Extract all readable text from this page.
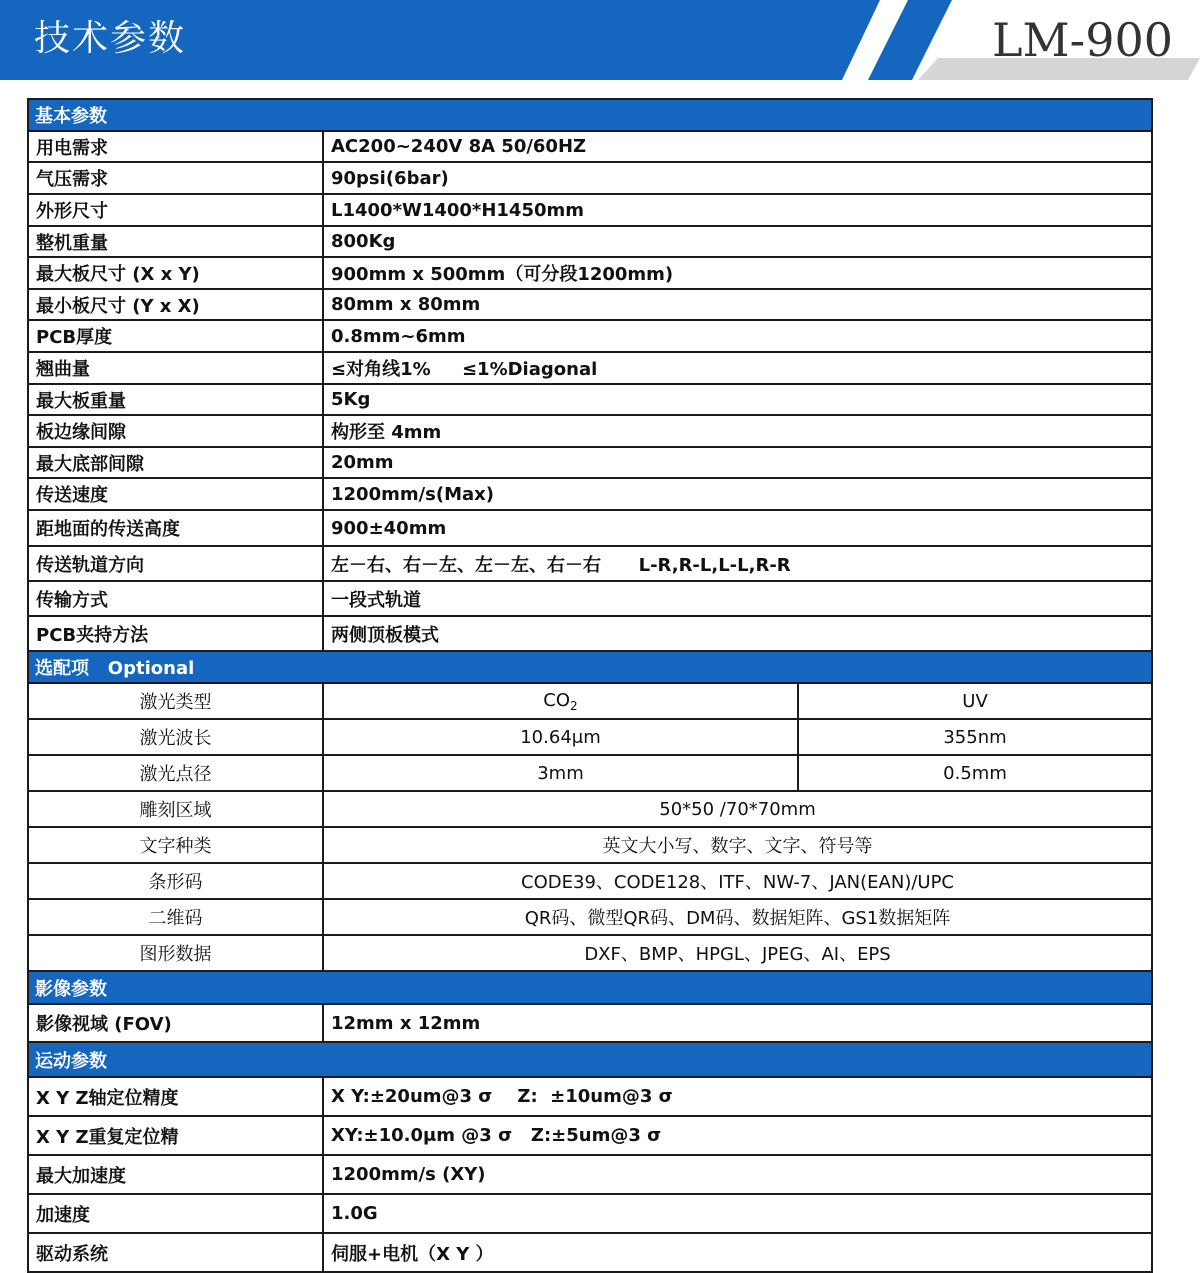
技术参数	LM-900
基本参数		
用电需求	AC200~240V 8A 50/60HZ	
气压需求	90psi(6bar)	
外形尺寸	L1400*W1400*H1450mm	
整机重量	800Kg	
最大板尺寸 (X x Y)	900mm x 500mm（可分段1200mm)	
最小板尺寸 (Y x X)	80mm x 80mm	
PCB厚度	0.8mm~6mm	
翘曲量	≤对角线1%     ≤1%Diagonal	
最大板重量	5Kg	
板边缘间隙	构形至 4mm	
最大底部间隙	20mm	
传送速度	1200mm/s(Max)	
距地面的传送高度	900±40mm	
传送轨道方向	左－右、右－左、左－左、右－右      L-R,R-L,L-L,R-R	
传输方式	一段式轨道	
PCB夹持方法	两侧顶板模式	
选配项   Optional		
激光类型	$CO_2$	UV
激光波长	10.64μm	355nm
激光点径	3mm	0.5mm
雕刻区域	50*50 /70*70mm	
文字种类	英文大小写、数字、文字、符号等	
条形码	CODE39、CODE128、ITF、NW-7、JAN(EAN)/UPC	
二维码	QR码、微型QR码、DM码、数据矩阵、GS1数据矩阵	
图形数据	DXF、BMP、HPGL、JPEG、AI、EPS	
影像参数		
影像视域 (FOV)	12mm x 12mm	
运动参数		
X Y Z轴定位精度	X Y:±20um@3 σ    Z:  ±10um@3 σ	
X Y Z重复定位精	XY:±10.0μm @3 σ   Z:±5um@3 σ	
最大加速度	1200mm/s (XY)	
加速度	1.0G	
驱动系统	伺服+电机（X Y ）	
